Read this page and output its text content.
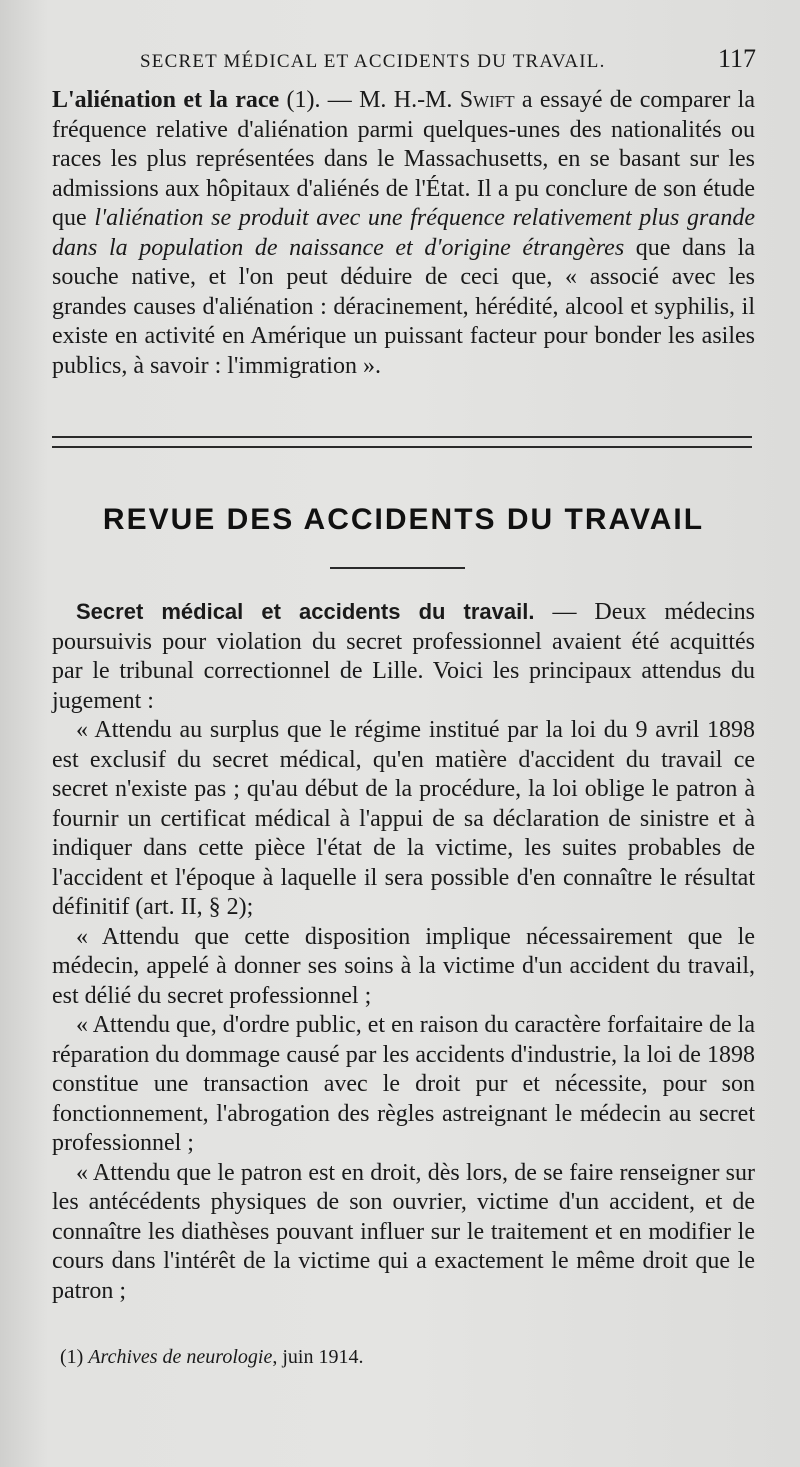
SECRET MÉDICAL ET ACCIDENTS DU TRAVAIL.	117

L'aliénation et la race (1). — M. H.-M. Swift a essayé de comparer la fréquence relative d'aliénation parmi quelques-unes des nationalités ou races les plus représentées dans le Massachusetts, en se basant sur les admissions aux hôpitaux d'aliénés de l'État. Il a pu conclure de son étude que l'aliénation se produit avec une fréquence relativement plus grande dans la population de naissance et d'origine étrangères que dans la souche native, et l'on peut déduire de ceci que, « associé avec les grandes causes d'aliénation : déracinement, hérédité, alcool et syphilis, il existe en activité en Amérique un puissant facteur pour bonder les asiles publics, à savoir : l'immigration ».

REVUE DES ACCIDENTS DU TRAVAIL

Secret médical et accidents du travail. — Deux médecins poursuivis pour violation du secret professionnel avaient été acquittés par le tribunal correctionnel de Lille. Voici les principaux attendus du jugement :

« Attendu au surplus que le régime institué par la loi du 9 avril 1898 est exclusif du secret médical, qu'en matière d'accident du travail ce secret n'existe pas ; qu'au début de la procédure, la loi oblige le patron à fournir un certificat médical à l'appui de sa déclaration de sinistre et à indiquer dans cette pièce l'état de la victime, les suites probables de l'accident et l'époque à laquelle il sera possible d'en connaître le résultat définitif (art. II, § 2);

« Attendu que cette disposition implique nécessairement que le médecin, appelé à donner ses soins à la victime d'un accident du travail, est délié du secret professionnel ;

« Attendu que, d'ordre public, et en raison du caractère forfaitaire de la réparation du dommage causé par les accidents d'industrie, la loi de 1898 constitue une transaction avec le droit pur et nécessite, pour son fonctionnement, l'abrogation des règles astreignant le médecin au secret professionnel ;

« Attendu que le patron est en droit, dès lors, de se faire renseigner sur les antécédents physiques de son ouvrier, victime d'un accident, et de connaître les diathèses pouvant influer sur le traitement et en modifier le cours dans l'intérêt de la victime qui a exactement le même droit que le patron ;

(1) Archives de neurologie, juin 1914.
